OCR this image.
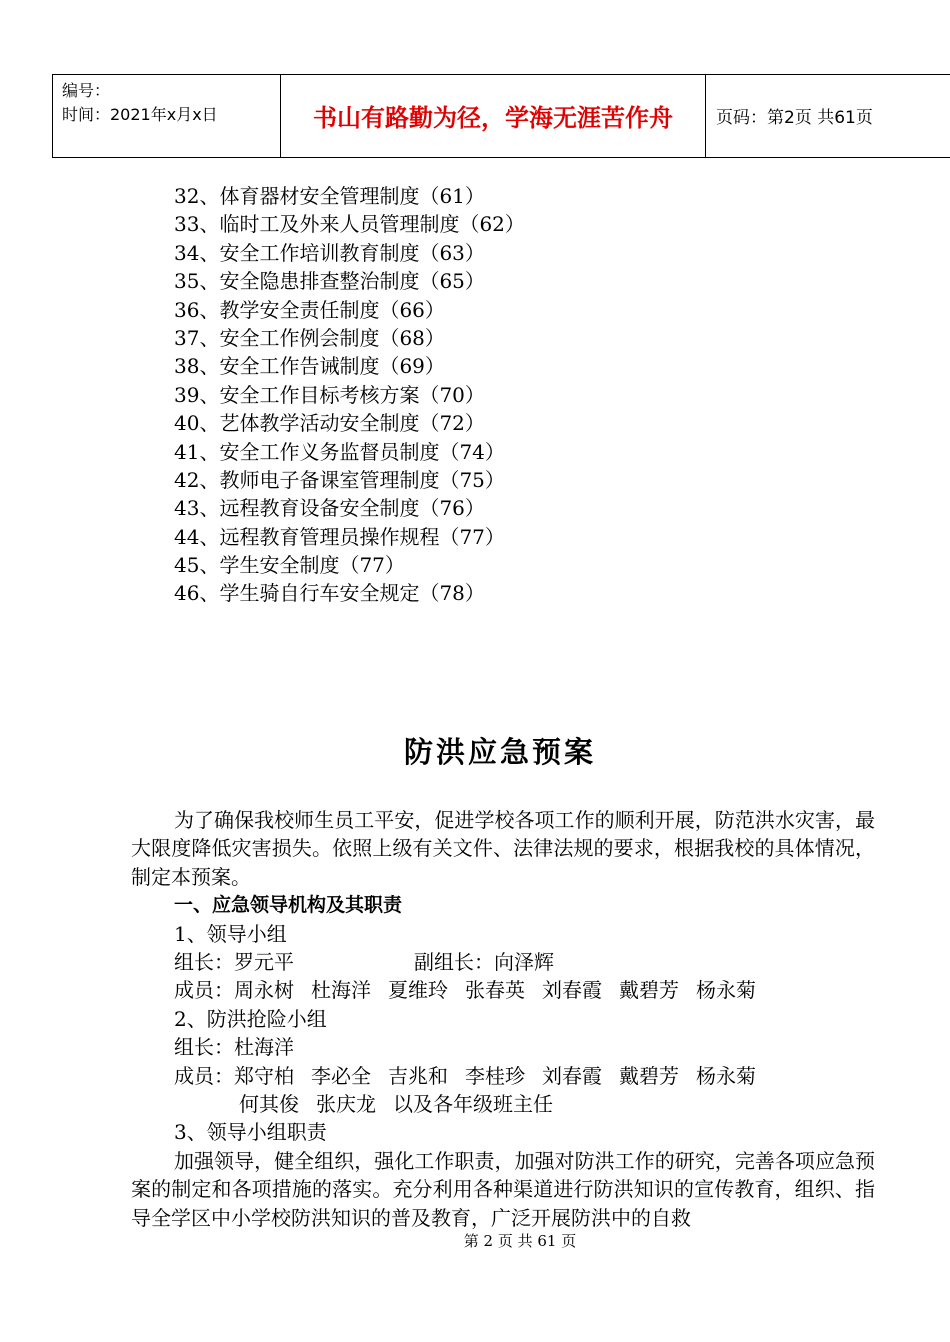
编号：
时间：2021年x月x日	书山有路勤为径，学海无涯苦作舟	页码：第2页 共61页
32、体育器材安全管理制度（61）
33、临时工及外来人员管理制度（62）
34、安全工作培训教育制度（63）
35、安全隐患排查整治制度（65）
36、教学安全责任制度（66）
37、安全工作例会制度（68）
38、安全工作告诫制度（69）
39、安全工作目标考核方案（70）
40、艺体教学活动安全制度（72）
41、安全工作义务监督员制度（74）
42、教师电子备课室管理制度（75）
43、远程教育设备安全制度（76）
44、远程教育管理员操作规程（77）
45、学生安全制度（77）
46、学生骑自行车安全规定（78）
防洪应急预案

为了确保我校师生员工平安，促进学校各项工作的顺利开展，防范洪水灾害，最大限度降低灾害损失。依照上级有关文件、法律法规的要求，根据我校的具体情况，制定本预案。

一、应急领导机构及其职责
1、领导小组
组长：罗元平	副组长：向泽辉
成员：周永树 杜海洋 夏维玲 张春英 刘春霞 戴碧芳 杨永菊
2、防洪抢险小组
组长：杜海洋
成员：郑守柏 李必全 吉兆和 李桂珍 刘春霞 戴碧芳 杨永菊
何其俊 张庆龙 以及各年级班主任
3、领导小组职责

加强领导，健全组织，强化工作职责，加强对防洪工作的研究，完善各项应急预案的制定和各项措施的落实。充分利用各种渠道进行防洪知识的宣传教育，组织、指导全学区中小学校防洪知识的普及教育，广泛开展防洪中的自救

第 2 页 共 61 页
